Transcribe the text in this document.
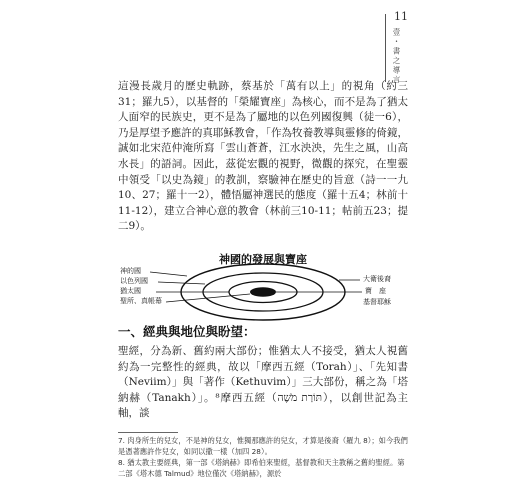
11
壹・書之導言

這漫長歲月的歷史軌跡，蔡基於「萬有以上」的視角（約三31；羅九5），以基督的「榮耀寶座」為核心，而不是為了猶太人面窄的民族史，更不是為了屬地的以色列國復興（徒一6），乃是厚望予應許的真耶穌教會，「作為牧養教導與靈修的倚鏡，誠如北宋范仲淹所寫「雲山蒼蒼，江水泱泱，先生之風，山高水長」的語詞。因此，茲從宏觀的視野，微觀的探究，在聖靈中領受「以史為鏡」的教訓，察驗神在歷史的旨意（詩一一九10、27；羅十一2），體悟屬神選民的態度（羅十五4；林前十11-12），建立合神心意的教會（林前三10-11；帖前五23；提二9）。

神國的發展與寶座

神的國
以色列國
猶太國
聖所、真帳幕
大衛後裔
寶　座
基督耶穌
一、經典與地位與盼望：

聖經，分為新、舊約兩大部份；惟猶太人不接受，猶太人視舊約為一完整性的經典，故以「摩西五經（Torah）」、「先知書（Neviim）」與「著作（Kethuvim）」三大部份，稱之為「塔納赫（Tanakh）」。⁸摩西五經（תּוֹרַת מֹשֶׁה），以創世記為主軸，談

7. 肉身所生的兒女，不是神的兒女，惟獨那應許的兒女，才算是後裔（羅九 8）；如今我們是憑著應許作兒女，如同以撒一樣（加四 28）。

8. 猶太教主要經典，第一部《塔納赫》即希伯來聖經，基督教和天主教稱之舊約聖經。第二部《塔木德 Talmud》地位僅次《塔納赫》，源於
